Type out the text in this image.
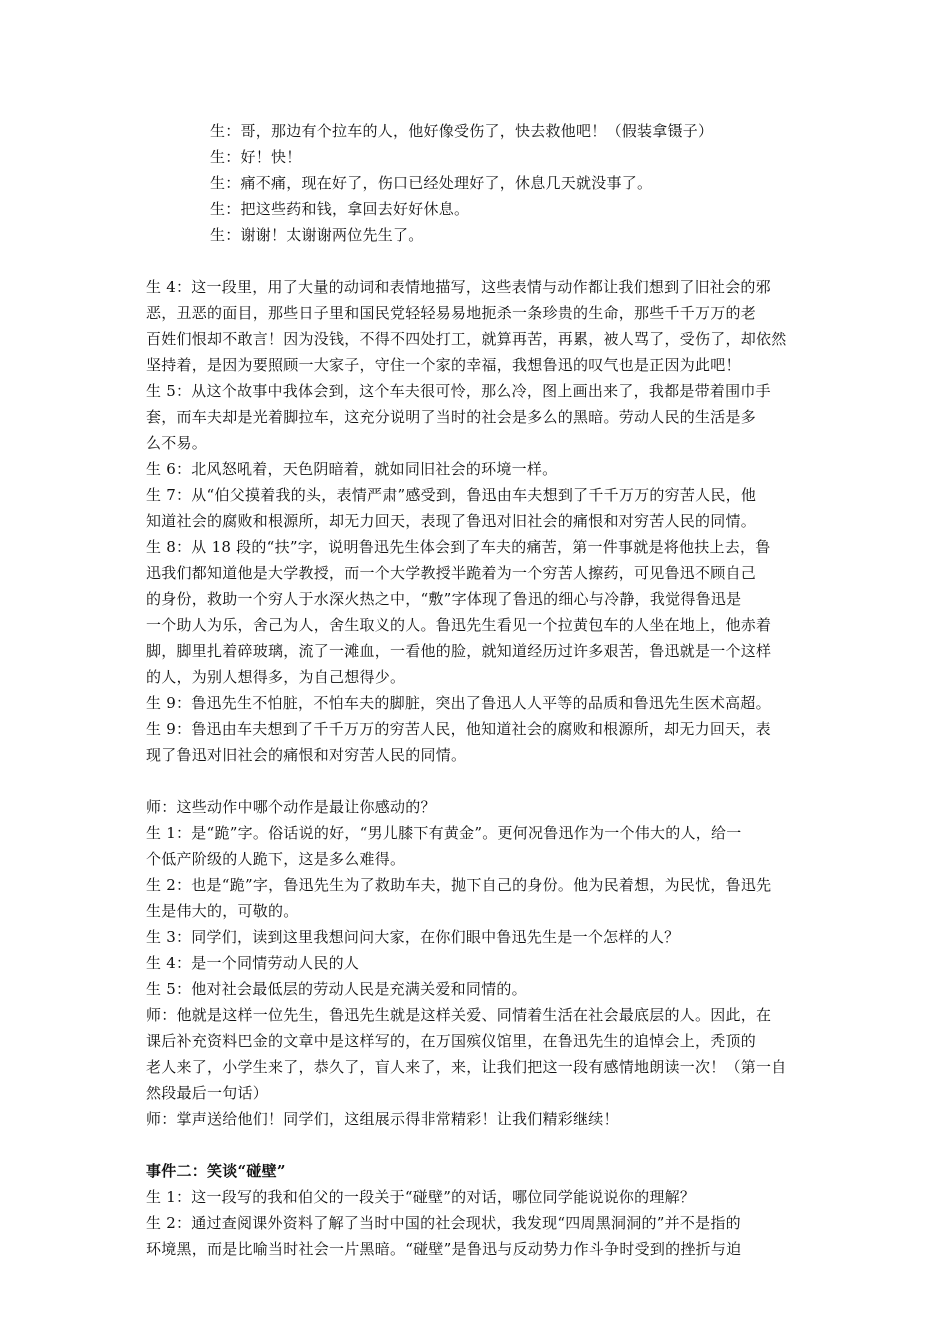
生：哥，那边有个拉车的人，他好像受伤了，快去救他吧！（假装拿镊子）
生：好！快！
生：痛不痛，现在好了，伤口已经处理好了，休息几天就没事了。
生：把这些药和钱，拿回去好好休息。
生：谢谢！太谢谢两位先生了。
生 4：这一段里，用了大量的动词和表情地描写，这些表情与动作都让我们想到了旧社会的邪
恶，丑恶的面目，那些日子里和国民党轻轻易易地扼杀一条珍贵的生命，那些千千万万的老
百姓们恨却不敢言！因为没钱，不得不四处打工，就算再苦，再累，被人骂了，受伤了，却依然
坚持着，是因为要照顾一大家子，守住一个家的幸福，我想鲁迅的叹气也是正因为此吧！
生 5：从这个故事中我体会到，这个车夫很可怜，那么冷，图上画出来了，我都是带着围巾手
套，而车夫却是光着脚拉车，这充分说明了当时的社会是多么的黑暗。劳动人民的生活是多
么不易。
生 6：北风怒吼着，天色阴暗着，就如同旧社会的环境一样。
生 7：从“伯父摸着我的头，表情严肃”感受到，鲁迅由车夫想到了千千万万的穷苦人民，他
知道社会的腐败和根源所，却无力回天，表现了鲁迅对旧社会的痛恨和对穷苦人民的同情。
生 8：从 18 段的“扶”字，说明鲁迅先生体会到了车夫的痛苦，第一件事就是将他扶上去，鲁
迅我们都知道他是大学教授，而一个大学教授半跪着为一个穷苦人擦药，可见鲁迅不顾自己
的身份，救助一个穷人于水深火热之中，“敷”字体现了鲁迅的细心与冷静，我觉得鲁迅是
一个助人为乐，舍己为人，舍生取义的人。鲁迅先生看见一个拉黄包车的人坐在地上，他赤着
脚，脚里扎着碎玻璃，流了一滩血，一看他的脸，就知道经历过许多艰苦，鲁迅就是一个这样
的人，为别人想得多，为自己想得少。
生 9：鲁迅先生不怕脏，不怕车夫的脚脏，突出了鲁迅人人平等的品质和鲁迅先生医术高超。
生 9：鲁迅由车夫想到了千千万万的穷苦人民，他知道社会的腐败和根源所，却无力回天，表
现了鲁迅对旧社会的痛恨和对穷苦人民的同情。
师：这些动作中哪个动作是最让你感动的？
生 1：是“跪”字。俗话说的好，“男儿膝下有黄金”。更何况鲁迅作为一个伟大的人，给一
个低产阶级的人跪下，这是多么难得。
生 2：也是“跪”字，鲁迅先生为了救助车夫，抛下自己的身份。他为民着想，为民忧，鲁迅先
生是伟大的，可敬的。
生 3：同学们，读到这里我想问问大家，在你们眼中鲁迅先生是一个怎样的人？
生 4：是一个同情劳动人民的人
生 5：他对社会最低层的劳动人民是充满关爱和同情的。
师：他就是这样一位先生，鲁迅先生就是这样关爱、同情着生活在社会最底层的人。因此，在
课后补充资料巴金的文章中是这样写的，在万国殡仪馆里，在鲁迅先生的追悼会上，秃顶的
老人来了，小学生来了，恭久了，盲人来了，来，让我们把这一段有感情地朗读一次！（第一自
然段最后一句话）
师：掌声送给他们！同学们，这组展示得非常精彩！让我们精彩继续！
事件二：笑谈“碰壁”
生 1：这一段写的我和伯父的一段关于“碰壁”的对话，哪位同学能说说你的理解？
生 2：通过查阅课外资料了解了当时中国的社会现状，我发现“四周黑洞洞的”并不是指的
环境黑，而是比喻当时社会一片黑暗。“碰壁”是鲁迅与反动势力作斗争时受到的挫折与迫
